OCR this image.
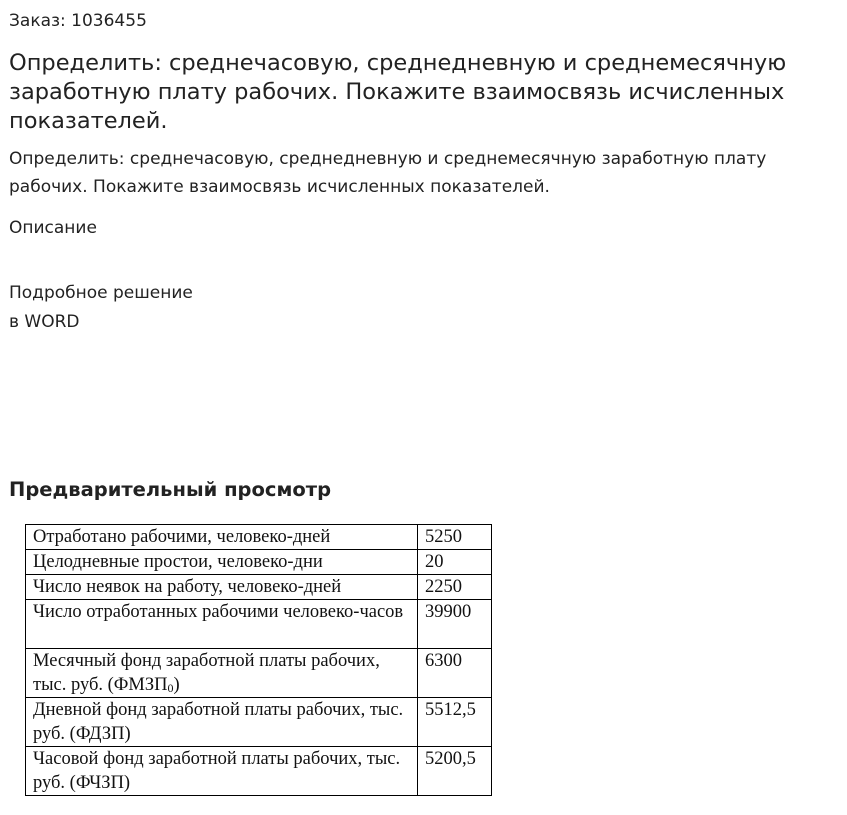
Заказ: 1036455

Определить: среднечасовую, среднедневную и среднемесячную заработную плату рабочих. Покажите взаимосвязь исчисленных показателей.

Определить: среднечасовую, среднедневную и среднемесячную заработную плату рабочих. Покажите взаимосвязь исчисленных показателей.

Описание

Подробное решение
в WORD

Предварительный просмотр
Отработано рабочими, человеко-дней	5250
Целодневные простои, человеко-дни	20
Число неявок на работу, человеко-дней	2250
Число отработанных рабочими человеко-часов	39900
Месячный фонд заработной платы рабочих, тыс. руб. $(ФМЗП_0)$	6300
Дневной фонд заработной платы рабочих, тыс. руб. (ФДЗП)	5512,5
Часовой фонд заработной платы рабочих, тыс. руб. (ФЧЗП)	5200,5
